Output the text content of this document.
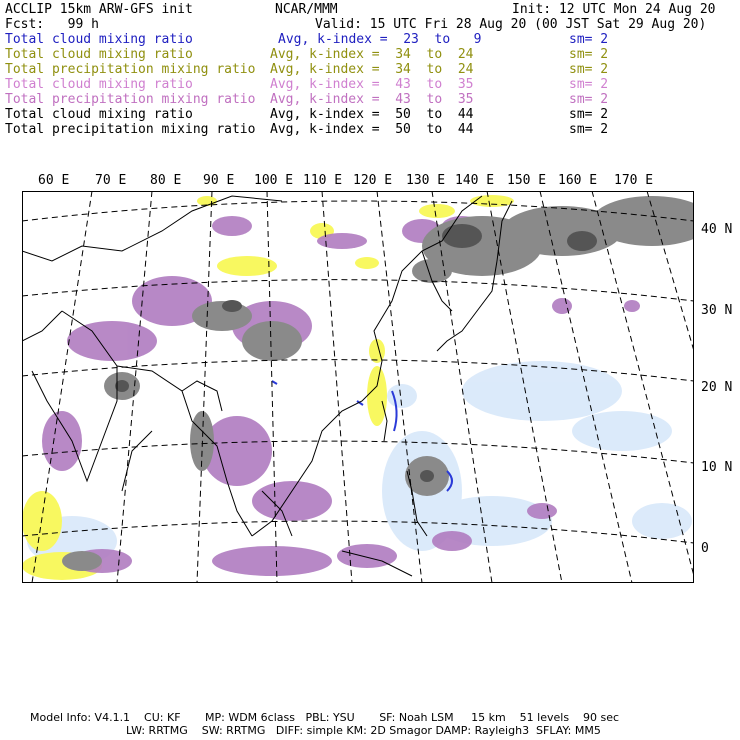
ACCLIP 15km ARW-GFS init	NCAR/MMM	Init: 12 UTC Mon 24 Aug 20
Fcst:   99 h	Valid: 15 UTC Fri 28 Aug 20 (00 JST Sat 29 Aug 20)
Total cloud mixing ratio	Avg, k-index =  23  to   9	sm= 2
Total cloud mixing ratio	Avg, k-index =  34  to  24	sm= 2
Total precipitation mixing ratio Avg, k-index =  34  to  24	sm= 2
Total cloud mixing ratio	Avg, k-index =  43  to  35	sm= 2
Total precipitation mixing ratio Avg, k-index =  43  to  35	sm= 2
Total cloud mixing ratio	Avg, k-index =  50  to  44	sm= 2
Total precipitation mixing ratio Avg, k-index =  50  to  44	sm= 2
60 E 70 E 80 E 90 E 100 E 110 E 120 E 130 E 140 E 150 E 160 E 170 E
40 N
30 N
20 N
10 N
0
Model Info: V4.1.1    CU: KF       MP: WDM 6class   PBL: YSU       SF: Noah LSM     15 km    51 levels    90 sec
LW: RRTMG    SW: RRTMG   DIFF: simple KM: 2D Smagor DAMP: Rayleigh3  SFLAY: MM5
